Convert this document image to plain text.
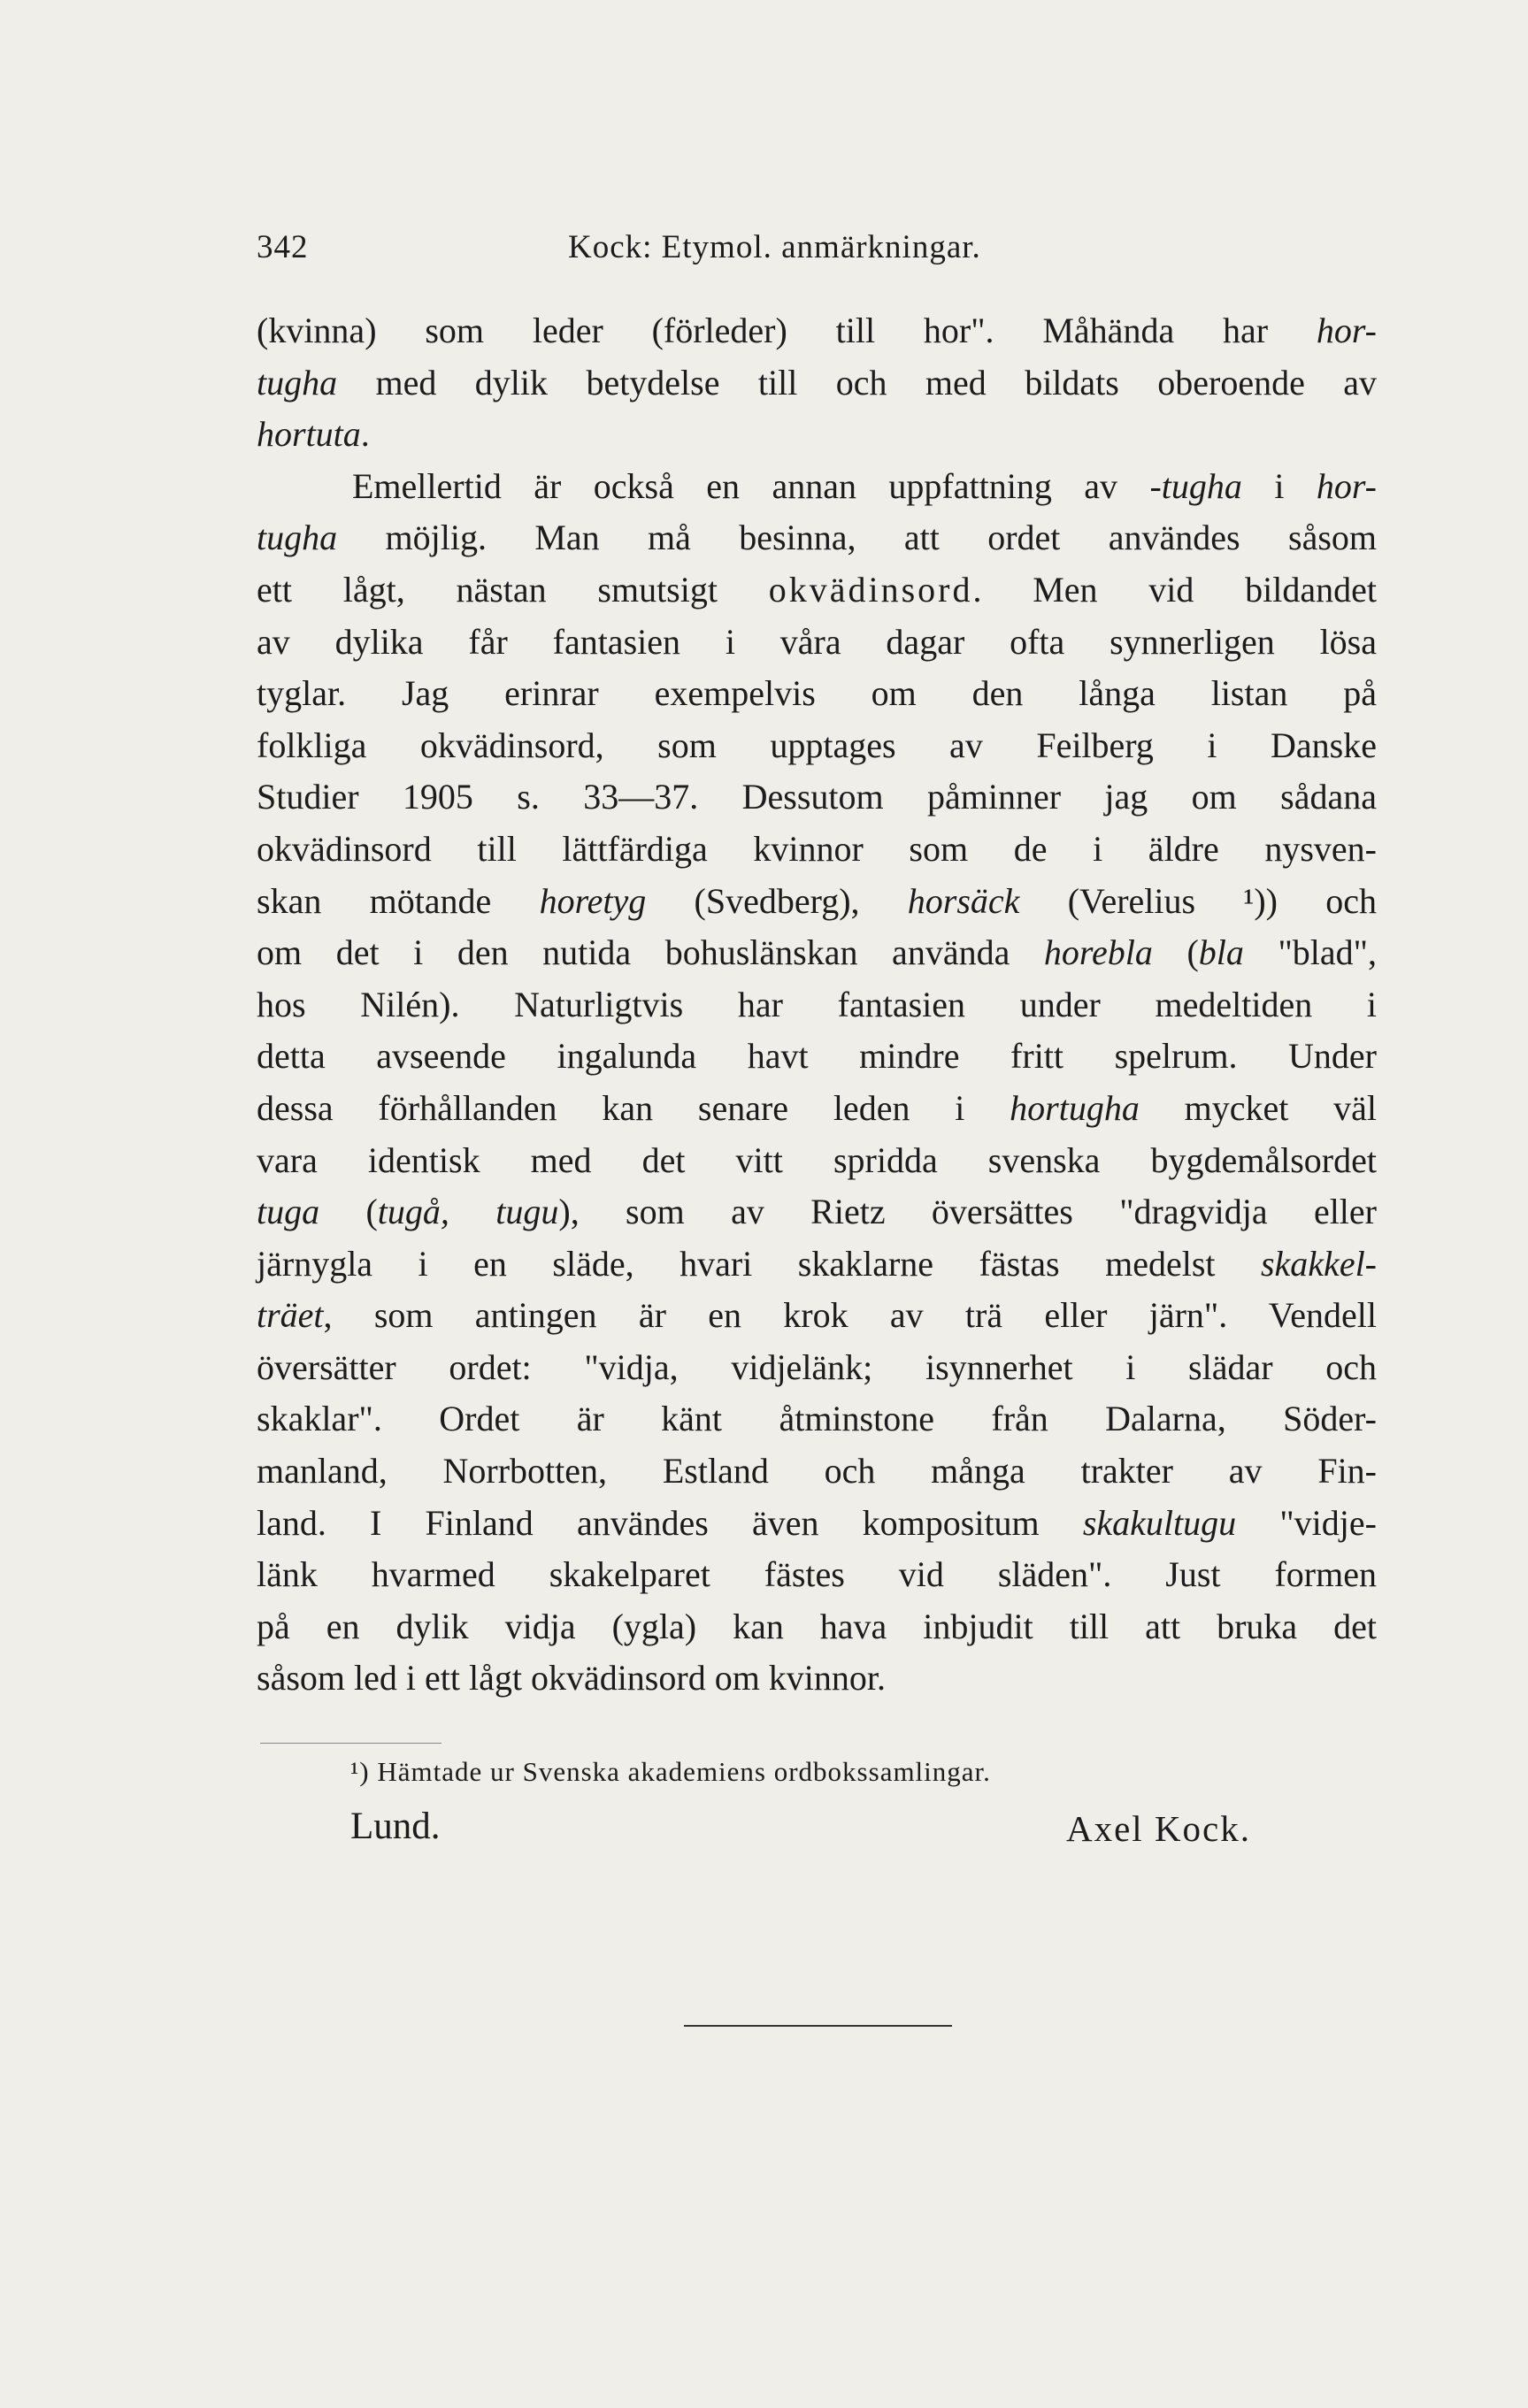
342	Kock: Etymol. anmärkningar.
(kvinna) som leder (förleder) till hor". Måhända har hor-
tugha med dylik betydelse till och med bildats oberoende av
hortuta.
Emellertid är också en annan uppfattning av -tugha i hor-
tugha möjlig. Man må besinna, att ordet användes såsom
ett lågt, nästan smutsigt okvädinsord. Men vid bildandet
av dylika får fantasien i våra dagar ofta synnerligen lösa
tyglar. Jag erinrar exempelvis om den långa listan på
folkliga okvädinsord, som upptages av Feilberg i Danske
Studier 1905 s. 33—37. Dessutom påminner jag om sådana
okvädinsord till lättfärdiga kvinnor som de i äldre nysven-
skan mötande horetyg (Svedberg), horsäck (Verelius ¹)) och
om det i den nutida bohuslänskan använda horebla (bla "blad",
hos Nilén). Naturligtvis har fantasien under medeltiden i
detta avseende ingalunda havt mindre fritt spelrum. Under
dessa förhållanden kan senare leden i hortugha mycket väl
vara identisk med det vitt spridda svenska bygdemålsordet
tuga (tugå, tugu), som av Rietz översättes "dragvidja eller
järnygla i en släde, hvari skaklarne fästas medelst skakkel-
träet, som antingen är en krok av trä eller järn". Vendell
översätter ordet: "vidja, vidjelänk; isynnerhet i slädar och
skaklar". Ordet är känt åtminstone från Dalarna, Söder-
manland, Norrbotten, Estland och många trakter av Fin-
land. I Finland användes även kompositum skakultugu "vidje-
länk hvarmed skakelparet fästes vid släden". Just formen
på en dylik vidja (ygla) kan hava inbjudit till att bruka det
såsom led i ett lågt okvädinsord om kvinnor.
¹) Hämtade ur Svenska akademiens ordbokssamlingar.
Lund.	Axel Kock.
